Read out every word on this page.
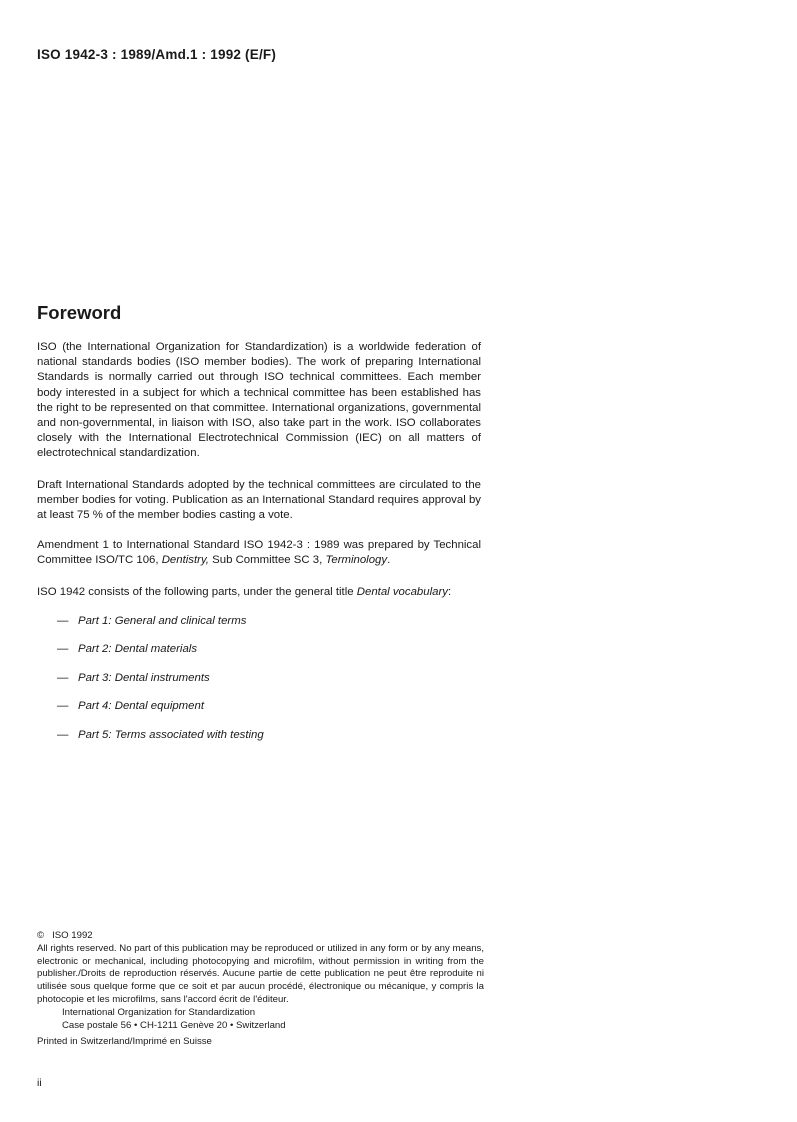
ISO 1942-3 : 1989/Amd.1 : 1992 (E/F)
Foreword

ISO (the International Organization for Standardization) is a worldwide federation of national standards bodies (ISO member bodies). The work of preparing International Standards is normally carried out through ISO technical committees. Each member body interested in a subject for which a technical committee has been established has the right to be represented on that committee. International organizations, governmental and non-governmental, in liaison with ISO, also take part in the work. ISO collaborates closely with the International Electrotechnical Commission (IEC) on all matters of electrotechnical standardization.

Draft International Standards adopted by the technical committees are circulated to the member bodies for voting. Publication as an International Standard requires approval by at least 75 % of the member bodies casting a vote.

Amendment 1 to International Standard ISO 1942-3 : 1989 was prepared by Technical Committee ISO/TC 106, Dentistry, Sub Committee SC 3, Terminology.

ISO 1942 consists of the following parts, under the general title Dental vocabulary:

— Part 1: General and clinical terms
— Part 2: Dental materials
— Part 3: Dental instruments
— Part 4: Dental equipment
— Part 5: Terms associated with testing
© ISO 1992
All rights reserved. No part of this publication may be reproduced or utilized in any form or by any means, electronic or mechanical, including photocopying and microfilm, without permission in writing from the publisher./Droits de reproduction réservés. Aucune partie de cette publication ne peut être reproduite ni utilisée sous quelque forme que ce soit et par aucun procédé, électronique ou mécanique, y compris la photocopie et les microfilms, sans l'accord écrit de l'éditeur.
International Organization for Standardization
Case postale 56 • CH-1211 Genève 20 • Switzerland
Printed in Switzerland/Imprimé en Suisse
ii
